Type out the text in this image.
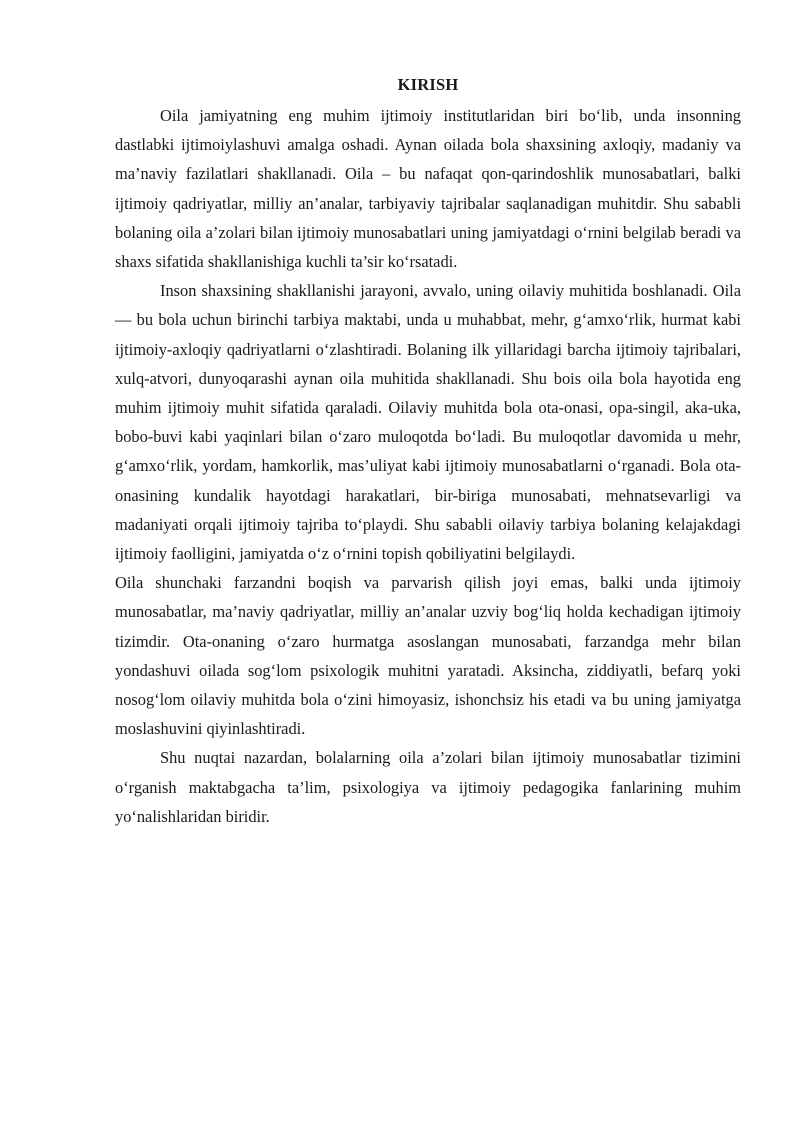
KIRISH

Oila jamiyatning eng muhim ijtimoiy institutlaridan biri bo‘lib, unda insonning dastlabki ijtimoiylashuvi amalga oshadi. Aynan oilada bola shaxsining axloqiy, madaniy va ma’naviy fazilatlari shakllanadi. Oila – bu nafaqat qon-qarindoshlik munosabatlari, balki ijtimoiy qadriyatlar, milliy an’analar, tarbiyaviy tajribalar saqlanadigan muhitdir. Shu sababli bolaning oila a’zolari bilan ijtimoiy munosabatlari uning jamiyatdagi o‘rnini belgilab beradi va shaxs sifatida shakllanishiga kuchli ta’sir ko‘rsatadi.

Inson shaxsining shakllanishi jarayoni, avvalo, uning oilaviy muhitida boshlanadi. Oila — bu bola uchun birinchi tarbiya maktabi, unda u muhabbat, mehr, g‘amxo‘rlik, hurmat kabi ijtimoiy-axloqiy qadriyatlarni o‘zlashtiradi. Bolaning ilk yillaridagi barcha ijtimoiy tajribalari, xulq-atvori, dunyoqarashi aynan oila muhitida shakllanadi. Shu bois oila bola hayotida eng muhim ijtimoiy muhit sifatida qaraladi. Oilaviy muhitda bola ota-onasi, opa-singil, aka-uka, bobo-buvi kabi yaqinlari bilan o‘zaro muloqotda bo‘ladi. Bu muloqotlar davomida u mehr, g‘amxo‘rlik, yordam, hamkorlik, mas’uliyat kabi ijtimoiy munosabatlarni o‘rganadi. Bola ota-onasining kundalik hayotdagi harakatlari, bir-biriga munosabati, mehnatsevarligi va madaniyati orqali ijtimoiy tajriba to‘playdi. Shu sababli oilaviy tarbiya bolaning kelajakdagi ijtimoiy faolligini, jamiyatda o‘z o‘rnini topish qobiliyatini belgilaydi.

Oila shunchaki farzandni boqish va parvarish qilish joyi emas, balki unda ijtimoiy munosabatlar, ma’naviy qadriyatlar, milliy an’analar uzviy bog‘liq holda kechadigan ijtimoiy tizimdir. Ota-onaning o‘zaro hurmatga asoslangan munosabati, farzandga mehr bilan yondashuvi oilada sog‘lom psixologik muhitni yaratadi. Aksincha, ziddiyatli, befarq yoki nosog‘lom oilaviy muhitda bola o‘zini himoyasiz, ishonchsiz his etadi va bu uning jamiyatga moslashuvini qiyinlashtiradi.

Shu nuqtai nazardan, bolalarning oila a’zolari bilan ijtimoiy munosabatlar tizimini o‘rganish maktabgacha ta’lim, psixologiya va ijtimoiy pedagogika fanlarining muhim yo‘nalishlaridan biridir.
